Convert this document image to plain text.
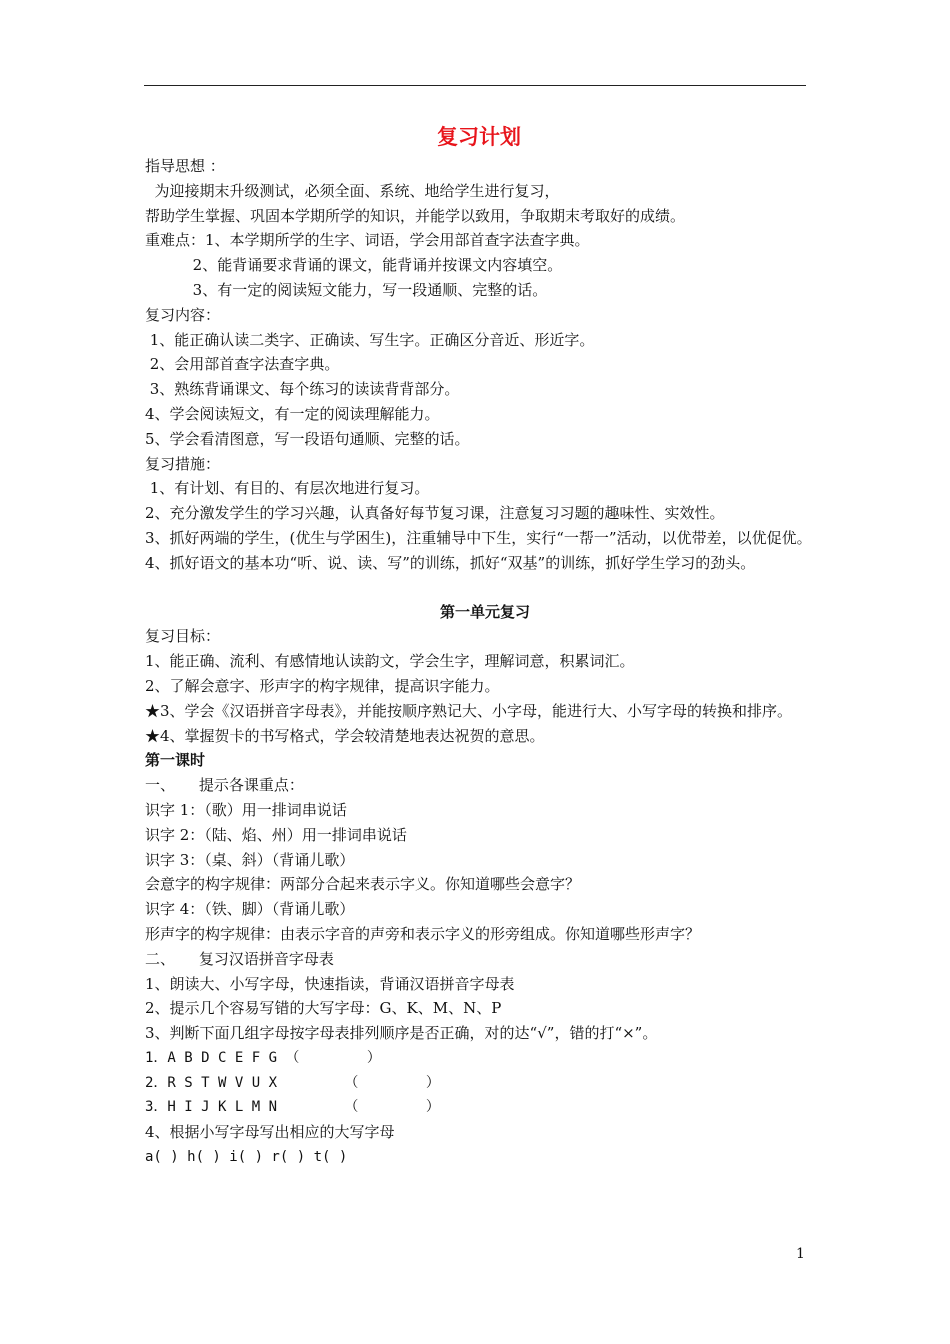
复习计划

指导思想 ：

为迎接期末升级测试，必须全面、系统、地给学生进行复习，

帮助学生掌握、巩固本学期所学的知识，并能学以致用，争取期末考取好的成绩。

重难点：1、本学期所学的生字、词语，学会用部首查字法查字典。

2、能背诵要求背诵的课文，能背诵并按课文内容填空。

3、有一定的阅读短文能力，写一段通顺、完整的话。

复习内容：

1、能正确认读二类字、正确读、写生字。正确区分音近、形近字。

2、会用部首查字法查字典。

3、熟练背诵课文、每个练习的读读背背部分。

4、学会阅读短文，有一定的阅读理解能力。

5、学会看清图意，写一段语句通顺、完整的话。

复习措施：

1、有计划、有目的、有层次地进行复习。

2、充分激发学生的学习兴趣，认真备好每节复习课，注意复习习题的趣味性、实效性。

3、抓好两端的学生，(优生与学困生)，注重辅导中下生，实行“一帮一”活动，以优带差，以优促优。

4、抓好语文的基本功“听、说、读、写”的训练，抓好“双基”的训练，抓好学生学习的劲头。

第一单元复习

复习目标：

1、能正确、流利、有感情地认读韵文，学会生字，理解词意，积累词汇。

2、了解会意字、形声字的构字规律，提高识字能力。

★3、学会《汉语拼音字母表》，并能按顺序熟记大、小字母，能进行大、小写字母的转换和排序。

★4、掌握贺卡的书写格式，学会较清楚地表达祝贺的意思。

第一课时

一、     提示各课重点：

识字 1：（歌）用一排词串说话

识字 2：（陆、焰、州）用一排词串说话

识字 3：（桌、斜）（背诵儿歌）

会意字的构字规律：两部分合起来表示字义。你知道哪些会意字？

识字 4：（铁、脚）（背诵儿歌）

形声字的构字规律：由表示字音的声旁和表示字义的形旁组成。你知道哪些形声字？

二、     复习汉语拼音字母表

1、朗读大、小写字母，快速指读，背诵汉语拼音字母表

2、提示几个容易写错的大写字母：G、K、M、N、P

3、判断下面几组字母按字母表排列顺序是否正确，对的达“√”，错的打“×”。

1．A B D C E F G （        ）

2．R S T W V U X        （        ）

3．H I J K L M N        （        ）

4、根据小写字母写出相应的大写字母

a( ) h( ) i( ) r( ) t( )

1
